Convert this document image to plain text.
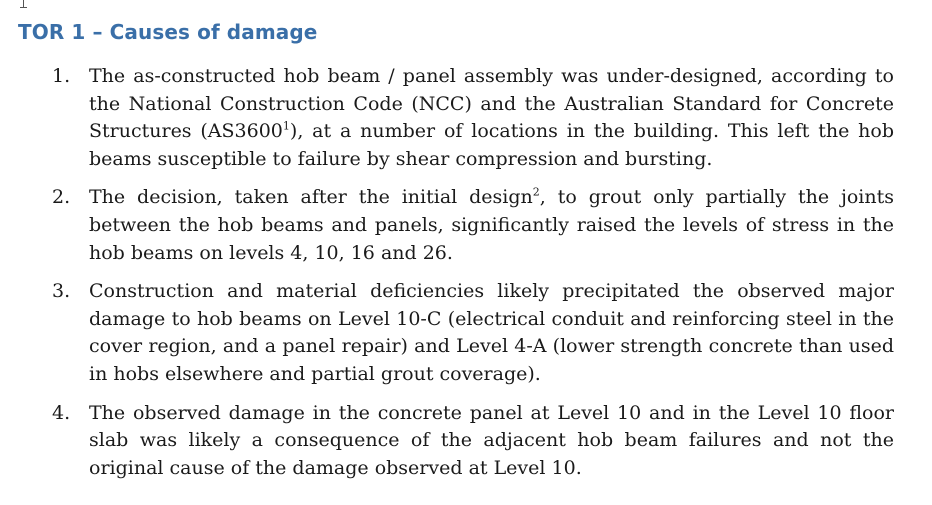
TOR 1 – Causes of damage
1. The as-constructed hob beam / panel assembly was under-designed, according to the National Construction Code (NCC) and the Australian Standard for Concrete Structures (AS3600$^1$), at a number of locations in the building. This left the hob beams susceptible to failure by shear compression and bursting.
2. The decision, taken after the initial design$^2$, to grout only partially the joints between the hob beams and panels, significantly raised the levels of stress in the hob beams on levels 4, 10, 16 and 26.
3. Construction and material deficiencies likely precipitated the observed major damage to hob beams on Level 10-C (electrical conduit and reinforcing steel in the cover region, and a panel repair) and Level 4-A (lower strength concrete than used in hobs elsewhere and partial grout coverage).
4. The observed damage in the concrete panel at Level 10 and in the Level 10 floor slab was likely a consequence of the adjacent hob beam failures and not the original cause of the damage observed at Level 10.
